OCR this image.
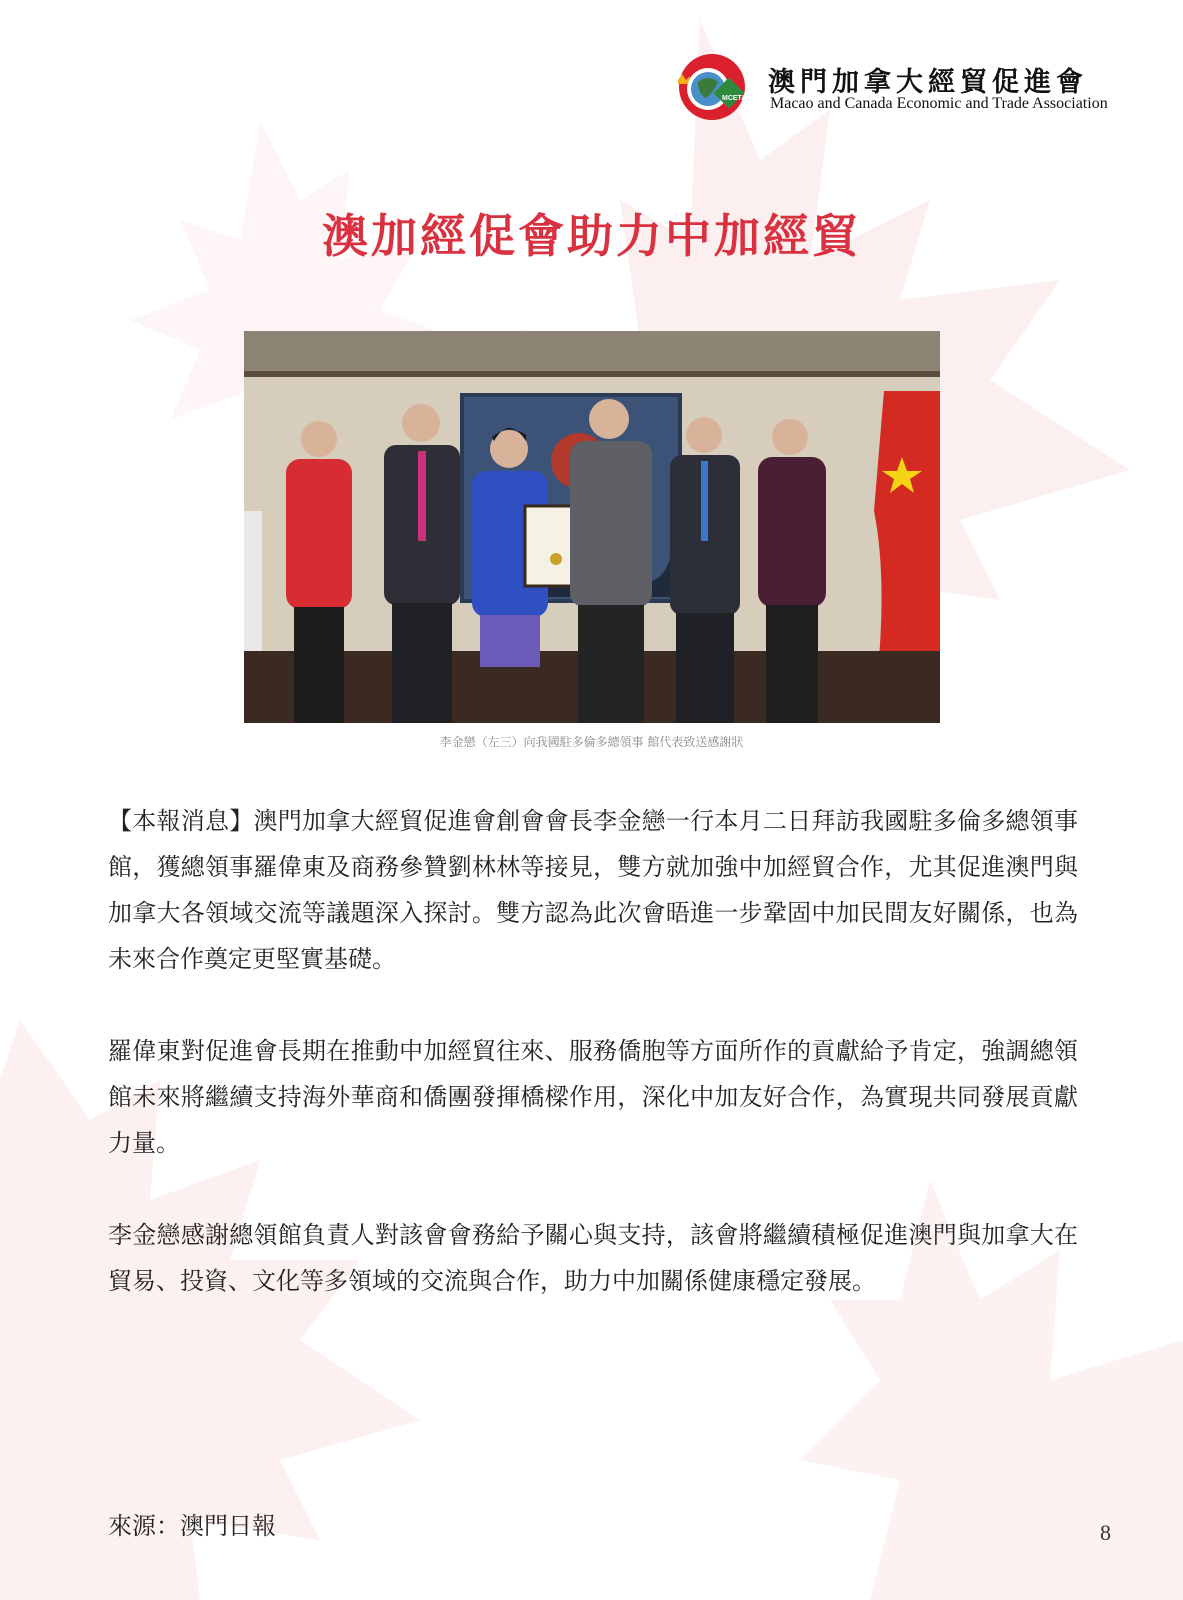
MCETA
澳門加拿大經貿促進會
Macao and Canada Economic and Trade Association
澳加經促會助力中加經貿
李金戀（左三）向我國駐多倫多總領事 館代表致送感謝狀

【本報消息】澳門加拿大經貿促進會創會會長李金戀一行本月二日拜訪我國駐多倫多總領事館，獲總領事羅偉東及商務參贊劉林林等接見，雙方就加強中加經貿合作，尤其促進澳門與加拿大各領域交流等議題深入探討。雙方認為此次會晤進一步鞏固中加民間友好關係，也為未來合作奠定更堅實基礎。

羅偉東對促進會長期在推動中加經貿往來、服務僑胞等方面所作的貢獻給予肯定，強調總領館未來將繼續支持海外華商和僑團發揮橋樑作用，深化中加友好合作，為實現共同發展貢獻力量。

李金戀感謝總領館負責人對該會會務給予關心與支持，該會將繼續積極促進澳門與加拿大在貿易、投資、文化等多領域的交流與合作，助力中加關係健康穩定發展。

來源：澳門日報	8
